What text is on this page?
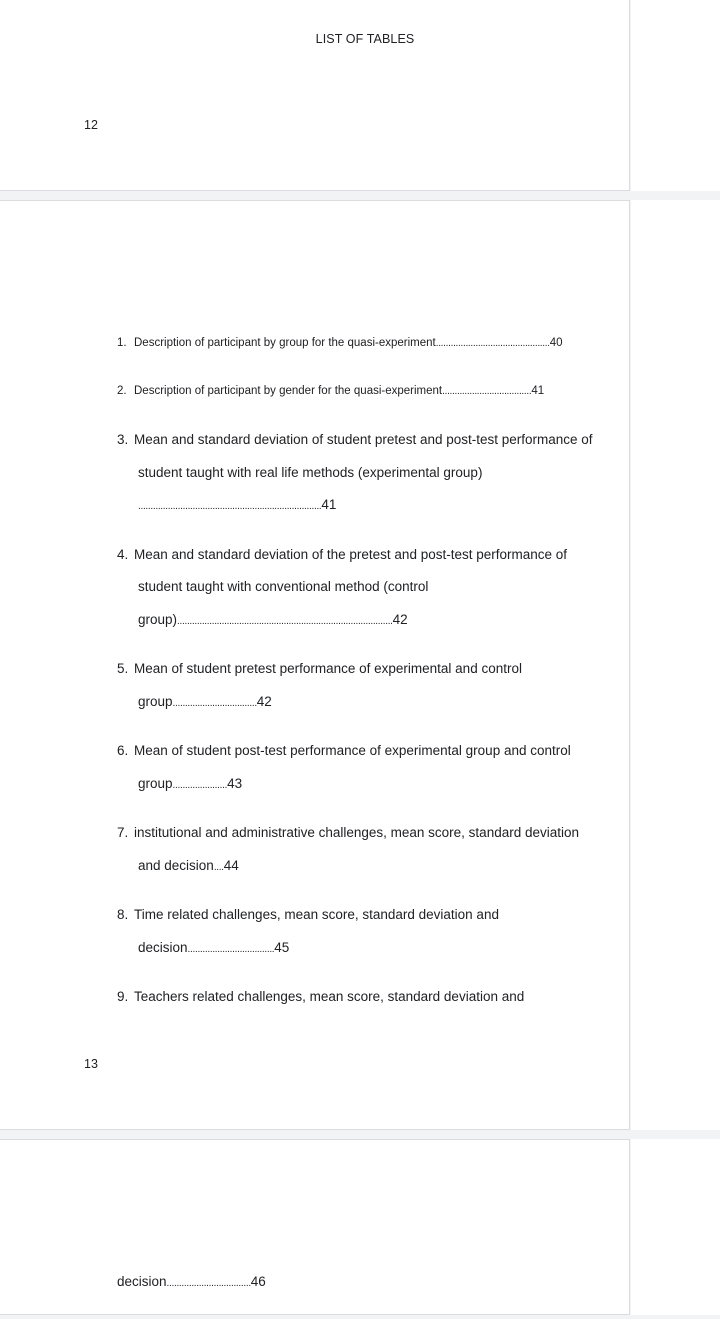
LIST OF TABLES
12
1. Description of participant by group for the quasi-experiment..............................................40
2. Description of participant by gender for the quasi-experiment....................................41
3. Mean and standard deviation of student pretest and post-test performance of
student taught with real life methods (experimental group)
..........................................................................41
4. Mean and standard deviation of the pretest and post-test performance of
student taught with conventional method (control
group).......................................................................................42
5. Mean of student pretest performance of experimental and control
group..................................42
6. Mean of student post-test performance of experimental group and control
group......................43
7. institutional and administrative challenges, mean score, standard deviation
and decision....44
8. Time related challenges, mean score, standard deviation and
decision...................................45
9. Teachers related challenges, mean score, standard deviation and
13
decision..................................46
